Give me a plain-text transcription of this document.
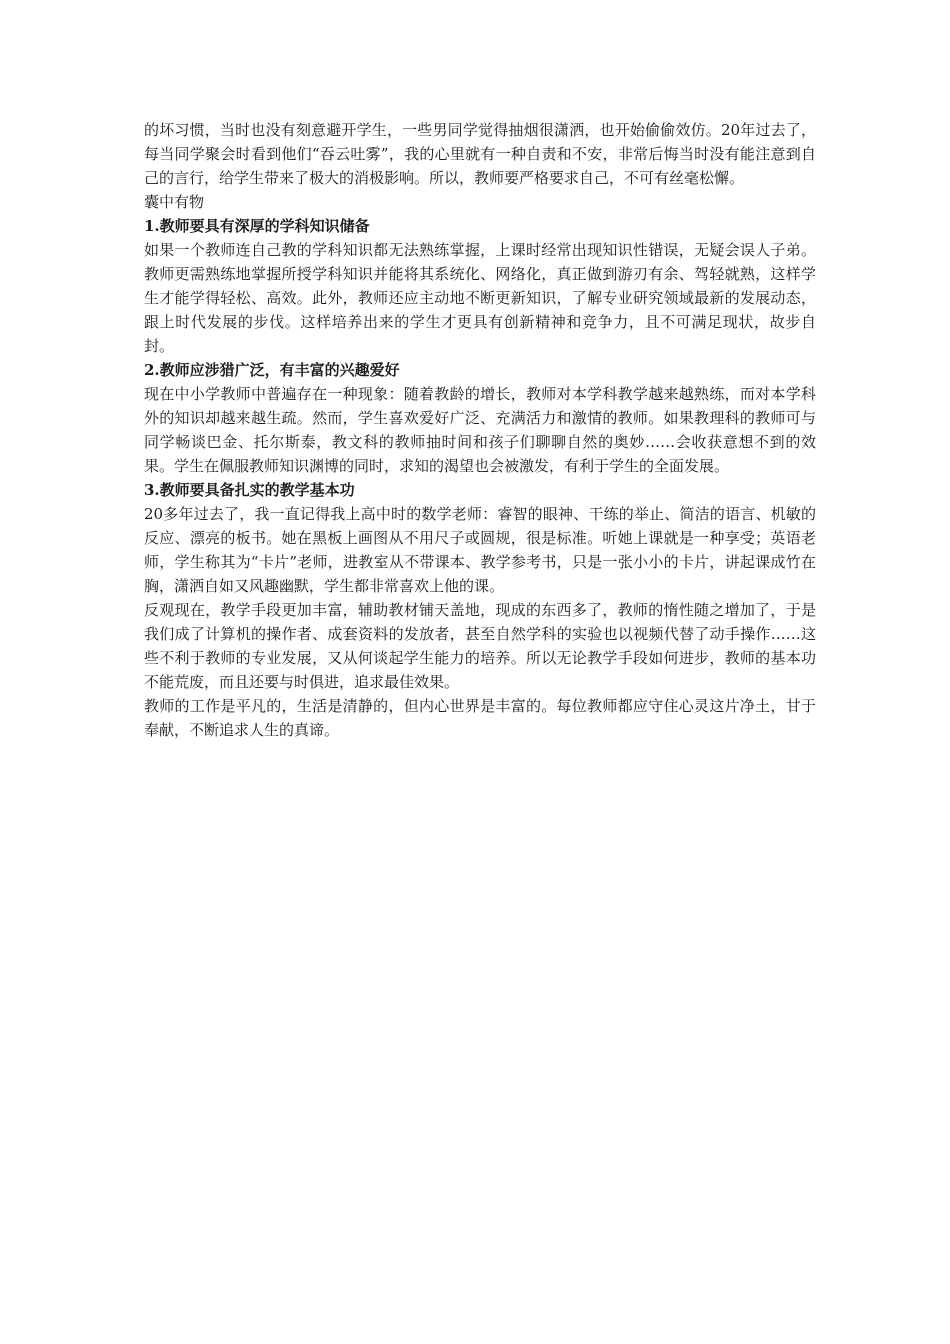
的坏习惯，当时也没有刻意避开学生，一些男同学觉得抽烟很潇洒，也开始偷偷效仿。20年过去了，每当同学聚会时看到他们“吞云吐雾”，我的心里就有一种自责和不安，非常后悔当时没有能注意到自己的言行，给学生带来了极大的消极影响。所以，教师要严格要求自己，不可有丝毫松懈。

囊中有物

1.教师要具有深厚的学科知识储备

如果一个教师连自己教的学科知识都无法熟练掌握，上课时经常出现知识性错误，无疑会误人子弟。教师更需熟练地掌握所授学科知识并能将其系统化、网络化，真正做到游刃有余、驾轻就熟，这样学生才能学得轻松、高效。此外，教师还应主动地不断更新知识，了解专业研究领域最新的发展动态，跟上时代发展的步伐。这样培养出来的学生才更具有创新精神和竞争力，且不可满足现状，故步自封。

2.教师应涉猎广泛，有丰富的兴趣爱好

现在中小学教师中普遍存在一种现象：随着教龄的增长，教师对本学科教学越来越熟练，而对本学科外的知识却越来越生疏。然而，学生喜欢爱好广泛、充满活力和激情的教师。如果教理科的教师可与同学畅谈巴金、托尔斯泰，教文科的教师抽时间和孩子们聊聊自然的奥妙……会收获意想不到的效果。学生在佩服教师知识渊博的同时，求知的渴望也会被激发，有利于学生的全面发展。

3.教师要具备扎实的教学基本功

20多年过去了，我一直记得我上高中时的数学老师：睿智的眼神、干练的举止、简洁的语言、机敏的反应、漂亮的板书。她在黑板上画图从不用尺子或圆规，很是标准。听她上课就是一种享受；英语老师，学生称其为“卡片”老师，进教室从不带课本、教学参考书，只是一张小小的卡片，讲起课成竹在胸，潇洒自如又风趣幽默，学生都非常喜欢上他的课。

反观现在，教学手段更加丰富，辅助教材铺天盖地，现成的东西多了，教师的惰性随之增加了，于是我们成了计算机的操作者、成套资料的发放者，甚至自然学科的实验也以视频代替了动手操作……这些不利于教师的专业发展，又从何谈起学生能力的培养。所以无论教学手段如何进步，教师的基本功不能荒废，而且还要与时俱进，追求最佳效果。

教师的工作是平凡的，生活是清静的，但内心世界是丰富的。每位教师都应守住心灵这片净土，甘于奉献，不断追求人生的真谛。
